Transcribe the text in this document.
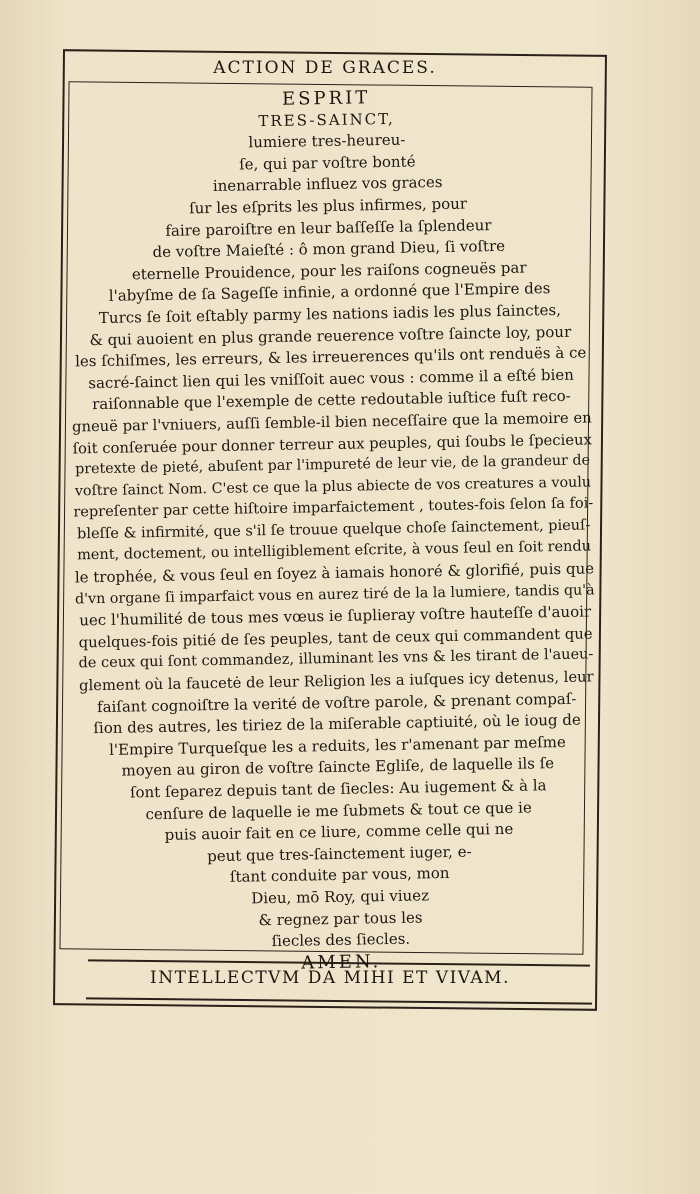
ACTION DE GRACES.
ESPRIT
TRES-SAINCT,
lumiere tres-heureu-
ſe, qui par voſtre bonté
inenarrable influez vos graces
ſur les eſprits les plus infirmes, pour
faire paroiſtre en leur baſſeſſe la ſplendeur
de voſtre Maieſté : ô mon grand Dieu, ſi voſtre
eternelle Prouidence, pour les raiſons cogneuës par
l'abyſme de ſa Sageſſe infinie, a ordonné que l'Empire des
Turcs ſe ſoit eſtably parmy les nations iadis les plus ſainctes,
& qui auoient en plus grande reuerence voſtre ſaincte loy, pour
les ſchiſmes, les erreurs, & les irreuerences qu'ils ont renduës à ce
sacré-ſainct lien qui les vniſſoit auec vous : comme il a eſté bien
raiſonnable que l'exemple de cette redoutable iuſtice fuſt reco-
gneuë par l'vniuers, auſſi ſemble-il bien neceſſaire que la memoire en
ſoit conſeruée pour donner terreur aux peuples, qui ſoubs le ſpecieux
pretexte de pieté, abuſent par l'impureté de leur vie, de la grandeur de
voſtre ſainct Nom. C'est ce que la plus abiecte de vos creatures a voulu
repreſenter par cette hiſtoire imparfaictement , toutes-fois ſelon ſa foi-
bleſſe & infirmité, que s'il ſe trouue quelque choſe ſainctement, pieuſ-
ment, doctement, ou intelligiblement eſcrite, à vous ſeul en ſoit rendu
le trophée, & vous ſeul en ſoyez à iamais honoré & glorifié, puis que
d'vn organe ſi imparfaict vous en aurez tiré de la la lumiere, tandis qu'à
uec l'humilité de tous mes vœus ie ſuplieray voſtre hauteſſe d'auoir
quelques-fois pitié de ſes peuples, tant de ceux qui commandent que
de ceux qui ſont commandez, illuminant les vns & les tirant de l'aueu-
glement où la faucetė de leur Religion les a iuſques icy detenus, leur
faiſant cognoiſtre la verité de voſtre parole, & prenant compaſ-
ſion des autres, les tiriez de la miſerable captiuité, où le ioug de
l'Empire Turqueſque les a reduits, les r'amenant par meſme
moyen au giron de voſtre ſaincte Egliſe, de laquelle ils ſe
ſont ſeparez depuis tant de ſiecles: Au iugement & à la
cenſure de laquelle ie me ſubmets & tout ce que ie
puis auoir fait en ce liure, comme celle qui ne
peut que tres-ſainctement iuger, e-
ſtant conduite par vous, mon
Dieu, mō Roy, qui viuez
& regnez par tous les
ſiecles des ſiecles.
AMEN.
INTELLECTVM DA MIHI ET VIVAM.
